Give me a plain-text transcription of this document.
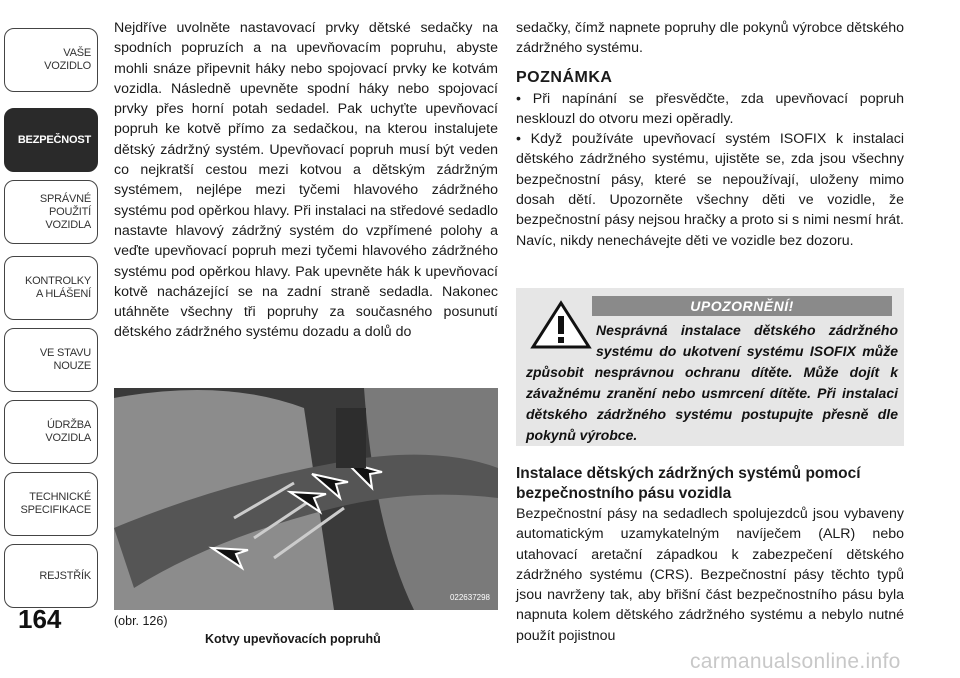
VAŠE
VOZIDLO
BEZPEČNOST
SPRÁVNÉ
POUŽITÍ
VOZIDLA
KONTROLKY
A HLÁŠENÍ
VE STAVU
NOUZE
ÚDRŽBA
VOZIDLA
TECHNICKÉ
SPECIFIKACE
REJSTŘÍK
164

Nejdříve uvolněte nastavovací prvky dětské sedačky na spodních popruzích a na upevňovacím popruhu, abyste mohli snáze připevnit háky nebo spojovací prvky ke kotvám vozidla. Následně upevněte spodní háky nebo spojovací prvky přes horní potah sedadel. Pak uchyťte upevňovací popruh ke kotvě přímo za sedačkou, na kterou instalujete dětský zádržný systém. Upevňovací popruh musí být veden co nejkratší cestou mezi kotvou a dětským zádržným systémem, nejlépe mezi tyčemi hlavového zádržného systému pod opěrkou hlavy. Při instalaci na středové sedadlo nastavte hlavový zádržný systém do vzpřímené polohy a veďte upevňovací popruh mezi tyčemi hlavového zádržného systému pod opěrkou hlavy. Pak upevněte hák k upevňovací kotvě nacházející se na zadní straně sedadla. Nakonec utáhněte všechny tři popruhy za současného posunutí dětského zádržného systému dozadu a dolů do

022637298
(obr. 126)
Kotvy upevňovacích popruhů

sedačky, čímž napnete popruhy dle pokynů výrobce dětského zádržného systému.

POZNÁMKA

• Při napínání se přesvědčte, zda upevňovací popruh nesklouzl do otvoru mezi opěradly.

• Když používáte upevňovací systém ISOFIX k instalaci dětského zádržného systému, ujistěte se, zda jsou všechny bezpečnostní pásy, které se nepoužívají, uloženy mimo dosah dětí. Upozorněte všechny děti ve vozidle, že bezpečnostní pásy nejsou hračky a proto si s nimi nesmí hrát. Navíc, nikdy nenechávejte děti ve vozidle bez dozoru.

UPOZORNĚNÍ!
Nesprávná instalace dětského zádržného systému do ukotvení systému ISOFIX může způsobit nesprávnou ochranu dítěte. Může dojít k závažnému zranění nebo usmrcení dítěte. Při instalaci dětského zádržného systému postupujte přesně dle pokynů výrobce.
Instalace dětských zádržných systémů pomocí bezpečnostního pásu vozidla

Bezpečnostní pásy na sedadlech spolujezdců jsou vybaveny automatickým uzamykatelným navíječem (ALR) nebo utahovací aretační západkou k zabezpečení dětského zádržného systému (CRS). Bezpečnostní pásy těchto typů jsou navrženy tak, aby břišní část bezpečnostního pásu byla napnuta kolem dětského zádržného systému a nebylo nutné použít pojistnou

carmanualsonline.info
